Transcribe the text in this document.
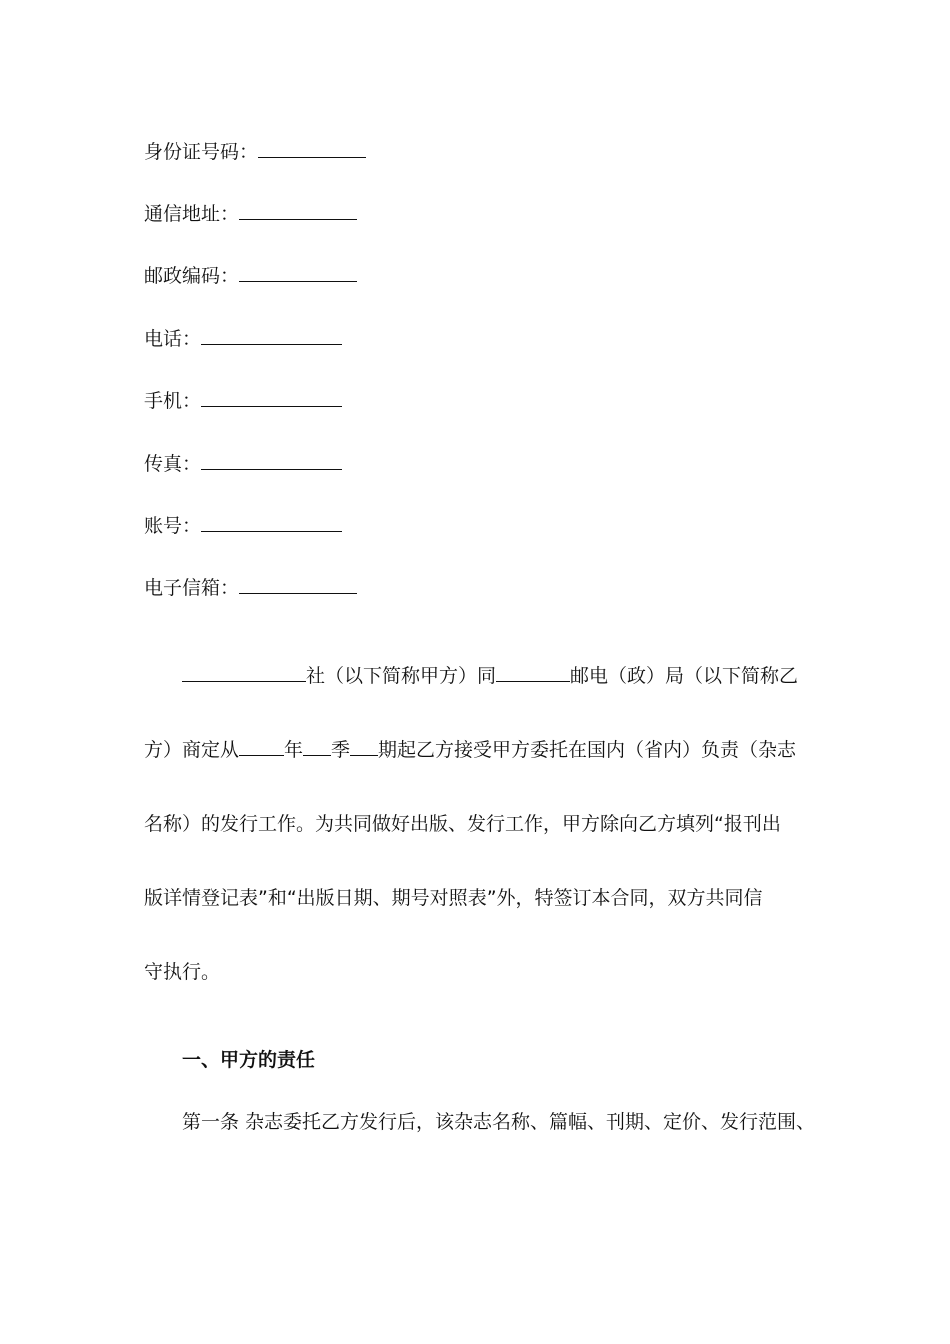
身份证号码：
通信地址：
邮政编码：
电话：
手机：
传真：
账号：
电子信箱：
社（以下简称甲方）同	邮电（政）局（以下简称乙
方）商定从 年 季 期起乙方接受甲方委托在国内（省内）负责（杂志
名称）的发行工作。为共同做好出版、发行工作，甲方除向乙方填列“报刊出
版详情登记表”和“出版日期、期号对照表”外，特签订本合同，双方共同信
守执行。
一、甲方的责任
第一条 杂志委托乙方发行后，该杂志名称、篇幅、刊期、定价、发行范围、
